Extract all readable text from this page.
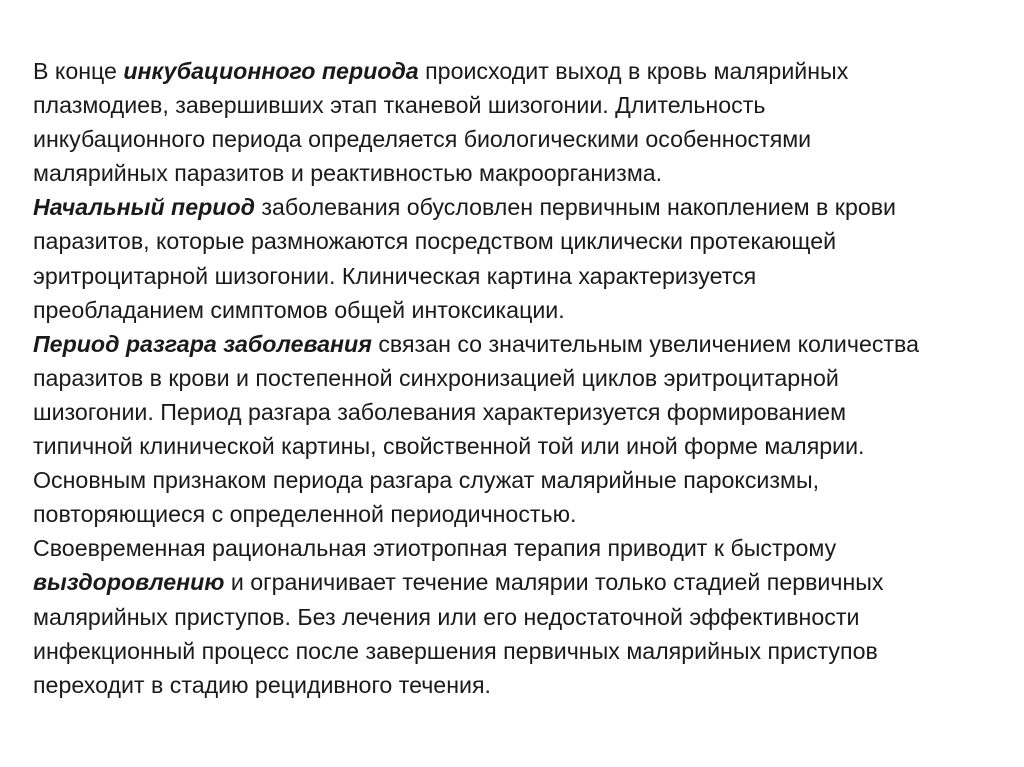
В конце инкубационного периода происходит выход в кровь малярийных
плазмодиев, завершивших этап тканевой шизогонии. Длительность
инкубационного периода определяется биологическими особенностями
малярийных паразитов и реактивностью макроорганизма.
Начальный период заболевания обусловлен первичным накоплением в крови
паразитов, которые размножаются посредством циклически протекающей
эритроцитарной шизогонии. Клиническая картина характеризуется
преобладанием симптомов общей интоксикации.
Период разгара заболевания связан со значительным увеличением количества
паразитов в крови и постепенной синхронизацией циклов эритроцитарной
шизогонии. Период разгара заболевания характеризуется формированием
типичной клинической картины, свойственной той или иной форме малярии.
Основным признаком периода разгара служат малярийные пароксизмы,
повторяющиеся с определенной периодичностью.
Своевременная рациональная этиотропная терапия приводит к быстрому
выздоровлению и ограничивает течение малярии только стадией первичных
малярийных приступов. Без лечения или его недостаточной эффективности
инфекционный процесс после завершения первичных малярийных приступов
переходит в стадию рецидивного течения.
